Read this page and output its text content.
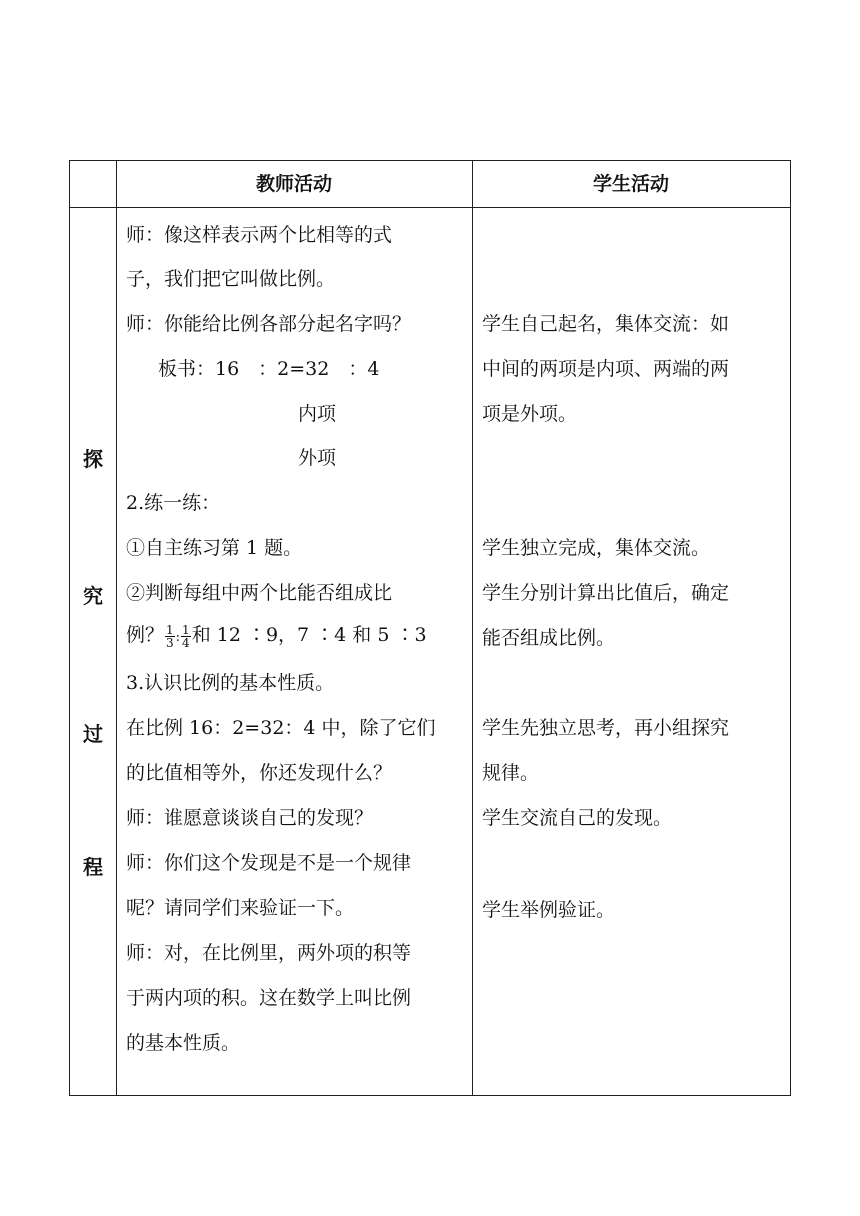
教师活动	学生活动
探
究
过
程
师：像这样表示两个比相等的式
子，我们把它叫做比例。
师：你能给比例各部分起名字吗？
板书：16　：2=32　：4
内项
外项
2.练一练：
①自主练习第 1 题。
②判断每组中两个比能否组成比
例？ $\frac{1}{3}$ : $\frac{1}{4}$ 和 12 ∶9，7 ∶4 和 5 ∶3
3.认识比例的基本性质。
在比例 16：2=32：4 中，除了它们
的比值相等外，你还发现什么？
师：谁愿意谈谈自己的发现？
师：你们这个发现是不是一个规律
呢？请同学们来验证一下。
师：对，在比例里，两外项的积等
于两内项的积。这在数学上叫比例
的基本性质。
学生自己起名，集体交流：如
中间的两项是内项、两端的两
项是外项。
学生独立完成，集体交流。
学生分别计算出比值后，确定
能否组成比例。
学生先独立思考，再小组探究
规律。
学生交流自己的发现。
学生举例验证。
